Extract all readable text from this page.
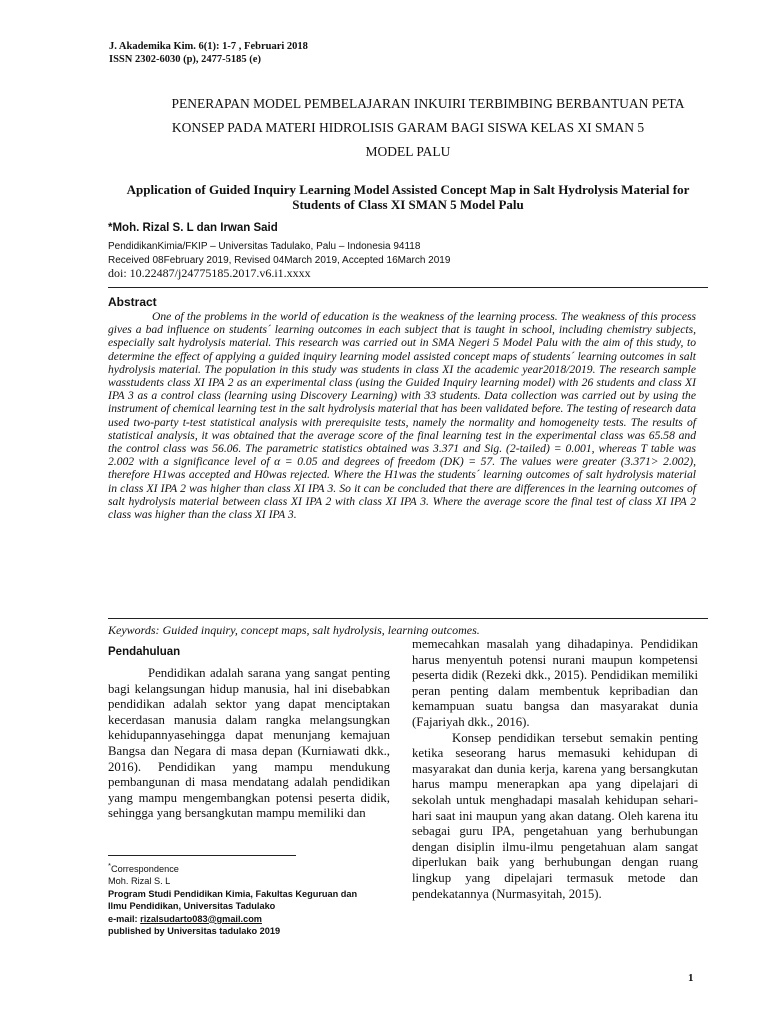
J. Akademika Kim. 6(1): 1-7 , Februari 2018
ISSN 2302-6030 (p), 2477-5185 (e)
PENERAPAN MODEL PEMBELAJARAN INKUIRI TERBIMBING BERBANTUAN PETA
KONSEP PADA MATERI HIDROLISIS GARAM BAGI SISWA KELAS XI SMAN 5
MODEL PALU
Application of Guided Inquiry Learning Model Assisted Concept Map in Salt Hydrolysis Material for Students of Class XI SMAN 5 Model Palu
*Moh. Rizal S. L dan Irwan Said
PendidikanKimia/FKIP – Universitas Tadulako, Palu – Indonesia 94118
Received 08February 2019, Revised 04March 2019, Accepted 16March 2019
doi: 10.22487/j24775185.2017.v6.i1.xxxx
Abstract

One of the problems in the world of education is the weakness of the learning process. The weakness of this process gives a bad influence on students´ learning outcomes in each subject that is taught in school, including chemistry subjects, especially salt hydrolysis material. This research was carried out in SMA Negeri 5 Model Palu with the aim of this study, to determine the effect of applying a guided inquiry learning model assisted concept maps of students´ learning outcomes in salt hydrolysis material. The population in this study was students in class XI the academic year2018/2019. The research sample wasstudents class XI IPA 2 as an experimental class (using the Guided Inquiry learning model) with 26 students and class XI IPA 3 as a control class (learning using Discovery Learning) with 33 students. Data collection was carried out by using the instrument of chemical learning test in the salt hydrolysis material that has been validated before. The testing of research data used two-party t-test statistical analysis with prerequisite tests, namely the normality and homogeneity tests. The results of statistical analysis, it was obtained that the average score of the final learning test in the experimental class was 65.58 and the control class was 56.06. The parametric statistics obtained was 3.371 and Sig. (2-tailed) = 0.001, whereas T table was 2.002 with a significance level of α = 0.05 and degrees of freedom (DK) = 57. The values were greater (3.371> 2.002), therefore H1was accepted and H0was rejected. Where the H1was the students´ learning outcomes of salt hydrolysis material in class XI IPA 2 was higher than class XI IPA 3. So it can be concluded that there are differences in the learning outcomes of salt hydrolysis material between class XI IPA 2 with class XI IPA 3. Where the average score the final test of class XI IPA 2 class was higher than the class XI IPA 3.

Keywords: Guided inquiry, concept maps, salt hydrolysis, learning outcomes.
Pendahuluan

Pendidikan adalah sarana yang sangat penting bagi kelangsungan hidup manusia, hal ini disebabkan pendidikan adalah sektor yang dapat menciptakan kecerdasan manusia dalam rangka melangsungkan kehidupannyasehingga dapat menunjang kemajuan Bangsa dan Negara di masa depan (Kurniawati dkk., 2016). Pendidikan yang mampu mendukung pembangunan di masa mendatang adalah pendidikan yang mampu mengembangkan potensi peserta didik, sehingga yang bersangkutan mampu memiliki dan

memecahkan masalah yang dihadapinya. Pendidikan harus menyentuh potensi nurani maupun kompetensi peserta didik (Rezeki dkk., 2015). Pendidikan memiliki peran penting dalam membentuk kepribadian dan kemampuan suatu bangsa dan masyarakat dunia (Fajariyah dkk., 2016).

Konsep pendidikan tersebut semakin penting ketika seseorang harus memasuki kehidupan di masyarakat dan dunia kerja, karena yang bersangkutan harus mampu menerapkan apa yang dipelajari di sekolah untuk menghadapi masalah kehidupan sehari-hari saat ini maupun yang akan datang. Oleh karena itu sebagai guru IPA, pengetahuan yang berhubungan dengan disiplin ilmu-ilmu pengetahuan alam sangat diperlukan baik yang berhubungan dengan ruang lingkup yang dipelajari termasuk metode dan pendekatannya (Nurmasyitah, 2015).

*Correspondence
Moh. Rizal S. L
Program Studi Pendidikan Kimia, Fakultas Keguruan dan
Ilmu Pendidikan, Universitas Tadulako
e-mail: rizalsudarto083@gmail.com
published by Universitas tadulako 2019
1
